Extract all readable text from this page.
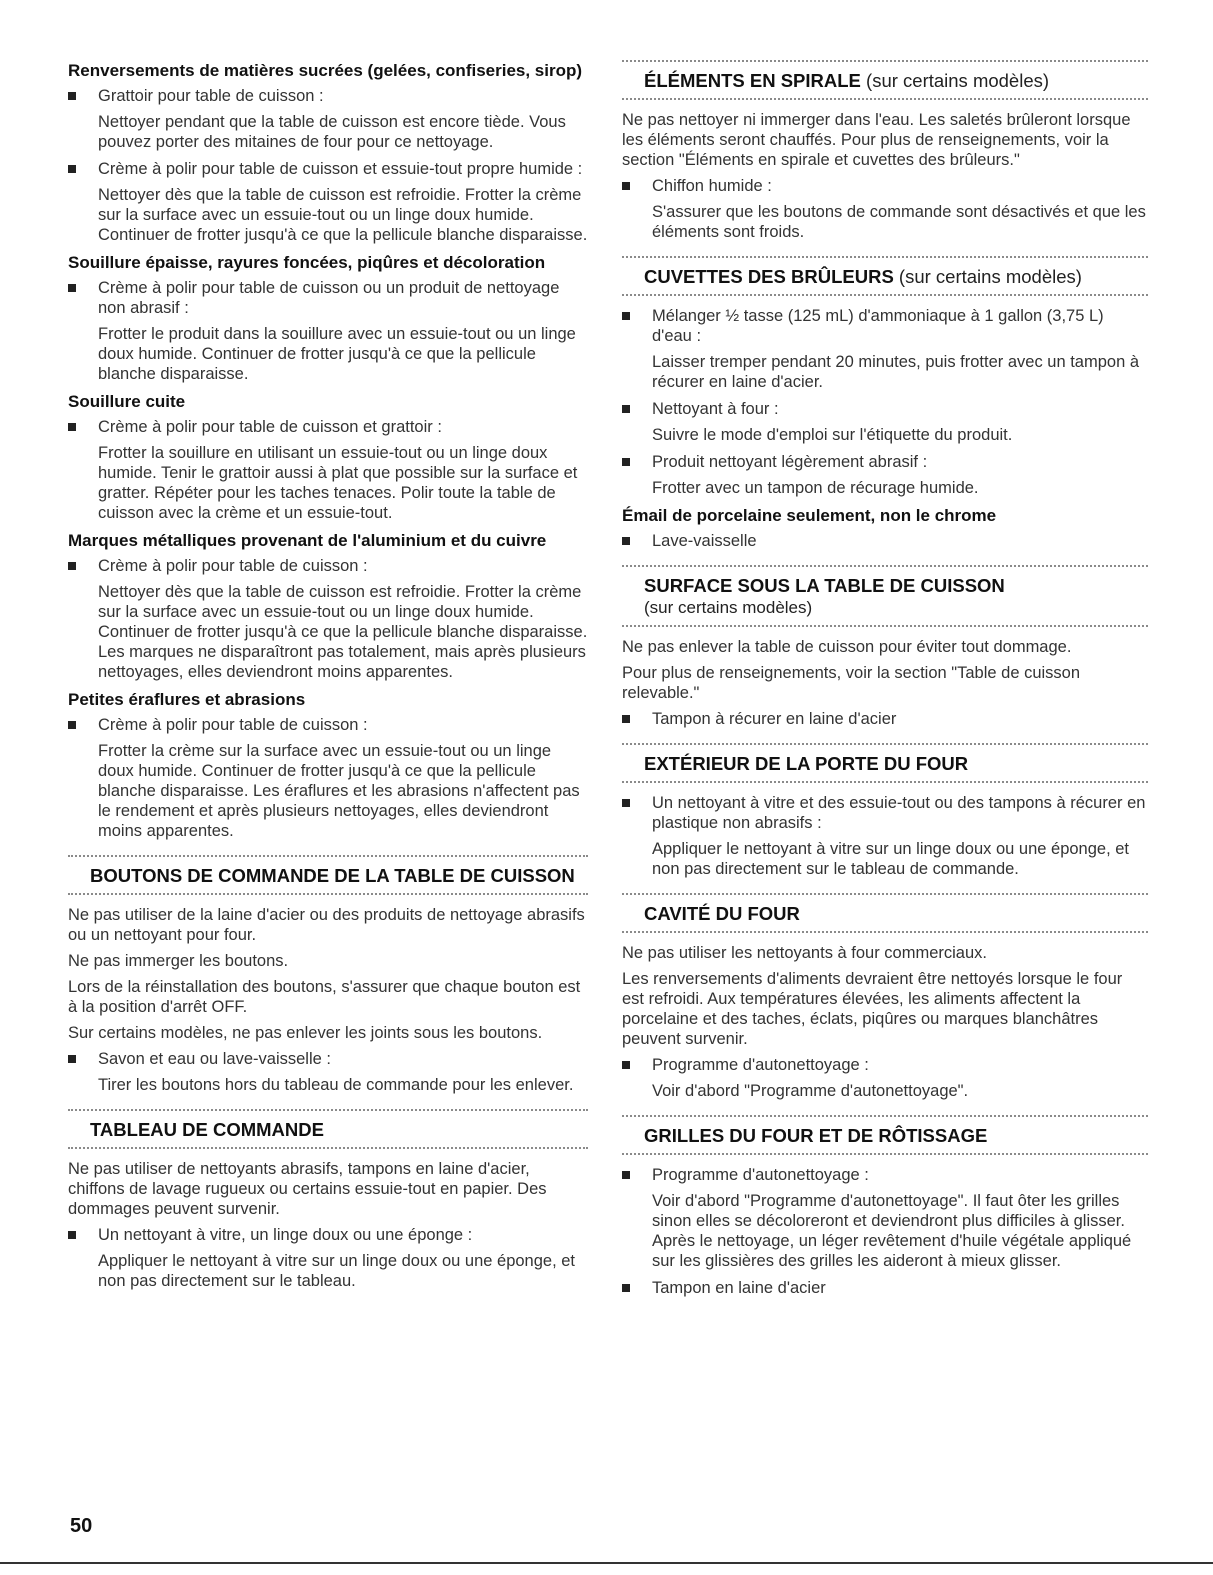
Renversements de matières sucrées (gelées, confiseries, sirop)
Grattoir pour table de cuisson :
Nettoyer pendant que la table de cuisson est encore tiède. Vous pouvez porter des mitaines de four pour ce nettoyage.
Crème à polir pour table de cuisson et essuie-tout propre humide :
Nettoyer dès que la table de cuisson est refroidie. Frotter la crème sur la surface avec un essuie-tout ou un linge doux humide. Continuer de frotter jusqu'à ce que la pellicule blanche disparaisse.
Souillure épaisse, rayures foncées, piqûres et décoloration
Crème à polir pour table de cuisson ou un produit de nettoyage non abrasif :
Frotter le produit dans la souillure avec un essuie-tout ou un linge doux humide. Continuer de frotter jusqu'à ce que la pellicule blanche disparaisse.
Souillure cuite
Crème à polir pour table de cuisson et grattoir :
Frotter la souillure en utilisant un essuie-tout ou un linge doux humide. Tenir le grattoir aussi à plat que possible sur la surface et gratter. Répéter pour les taches tenaces. Polir toute la table de cuisson avec la crème et un essuie-tout.
Marques métalliques provenant de l'aluminium et du cuivre
Crème à polir pour table de cuisson :
Nettoyer dès que la table de cuisson est refroidie. Frotter la crème sur la surface avec un essuie-tout ou un linge doux humide. Continuer de frotter jusqu'à ce que la pellicule blanche disparaisse. Les marques ne disparaîtront pas totalement, mais après plusieurs nettoyages, elles deviendront moins apparentes.
Petites éraflures et abrasions
Crème à polir pour table de cuisson :
Frotter la crème sur la surface avec un essuie-tout ou un linge doux humide. Continuer de frotter jusqu'à ce que la pellicule blanche disparaisse. Les éraflures et les abrasions n'affectent pas le rendement et après plusieurs nettoyages, elles deviendront moins apparentes.
BOUTONS DE COMMANDE DE LA TABLE DE CUISSON
Ne pas utiliser de la laine d'acier ou des produits de nettoyage abrasifs ou un nettoyant pour four.
Ne pas immerger les boutons.
Lors de la réinstallation des boutons, s'assurer que chaque bouton est à la position d'arrêt OFF.
Sur certains modèles, ne pas enlever les joints sous les boutons.
Savon et eau ou lave-vaisselle :
Tirer les boutons hors du tableau de commande pour les enlever.
TABLEAU DE COMMANDE
Ne pas utiliser de nettoyants abrasifs, tampons en laine d'acier, chiffons de lavage rugueux ou certains essuie-tout en papier. Des dommages peuvent survenir.
Un nettoyant à vitre, un linge doux ou une éponge :
Appliquer le nettoyant à vitre sur un linge doux ou une éponge, et non pas directement sur le tableau.
ÉLÉMENTS EN SPIRALE (sur certains modèles)
Ne pas nettoyer ni immerger dans l'eau. Les saletés brûleront lorsque les éléments seront chauffés. Pour plus de renseignements, voir la section "Éléments en spirale et cuvettes des brûleurs."
Chiffon humide :
S'assurer que les boutons de commande sont désactivés et que les éléments sont froids.
CUVETTES DES BRÛLEURS (sur certains modèles)
Mélanger ½ tasse (125 mL) d'ammoniaque à 1 gallon (3,75 L) d'eau :
Laisser tremper pendant 20 minutes, puis frotter avec un tampon à récurer en laine d'acier.
Nettoyant à four :
Suivre le mode d'emploi sur l'étiquette du produit.
Produit nettoyant légèrement abrasif :
Frotter avec un tampon de récurage humide.
Émail de porcelaine seulement, non le chrome
Lave-vaisselle
SURFACE SOUS LA TABLE DE CUISSON
(sur certains modèles)
Ne pas enlever la table de cuisson pour éviter tout dommage.
Pour plus de renseignements, voir la section "Table de cuisson relevable."
Tampon à récurer en laine d'acier
EXTÉRIEUR DE LA PORTE DU FOUR
Un nettoyant à vitre et des essuie-tout ou des tampons à récurer en plastique non abrasifs :
Appliquer le nettoyant à vitre sur un linge doux ou une éponge, et non pas directement sur le tableau de commande.
CAVITÉ DU FOUR
Ne pas utiliser les nettoyants à four commerciaux.
Les renversements d'aliments devraient être nettoyés lorsque le four est refroidi. Aux températures élevées, les aliments affectent la porcelaine et des taches, éclats, piqûres ou marques blanchâtres peuvent survenir.
Programme d'autonettoyage :
Voir d'abord "Programme d'autonettoyage".
GRILLES DU FOUR ET DE RÔTISSAGE
Programme d'autonettoyage :
Voir d'abord "Programme d'autonettoyage". Il faut ôter les grilles sinon elles se décoloreront et deviendront plus difficiles à glisser. Après le nettoyage, un léger revêtement d'huile végétale appliqué sur les glissières des grilles les aideront à mieux glisser.
Tampon en laine d'acier
50
